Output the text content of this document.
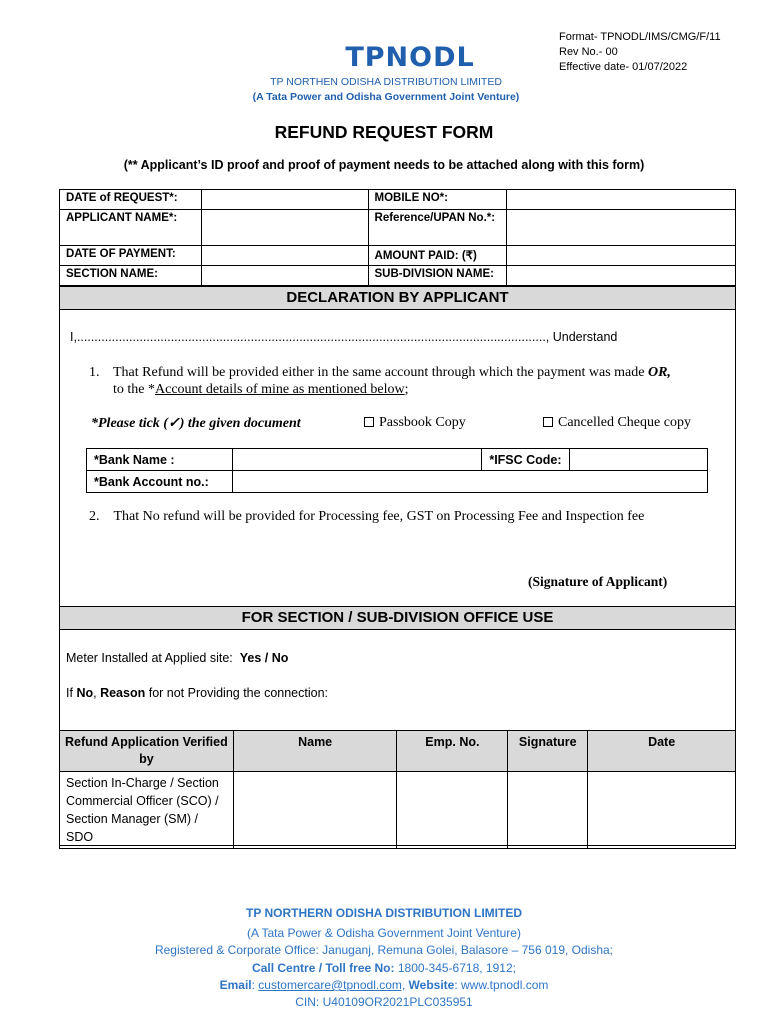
Format- TPNODL/IMS/CMG/F/11
Rev No.- 00
Effective date- 01/07/2022
TPNODL
TP NORTHEN ODISHA DISTRIBUTION LIMITED
(A Tata Power and Odisha Government Joint Venture)
REFUND REQUEST FORM
(** Applicant’s ID proof and proof of payment needs to be attached along with this form)
DATE of REQUEST*:		MOBILE NO*:	
APPLICANT NAME*:		Reference/UPAN No.*:	
DATE OF PAYMENT:		AMOUNT PAID: (₹)	
SECTION NAME:		SUB-DIVISION NAME:	
DECLARATION BY APPLICANT
I,......................................................................................................................................., Understand
1. That Refund will be provided either in the same account through which the payment was made OR,
to the *Account details of mine as mentioned below;
*Please tick (✓) the given document	Passbook Copy	Cancelled Cheque copy
*Bank Name :		*IFSC Code:	
*Bank Account no.:			
2. That No refund will be provided for Processing fee, GST on Processing Fee and Inspection fee
(Signature of Applicant)
FOR SECTION / SUB-DIVISION OFFICE USE
Meter Installed at Applied site: Yes / No
If No, Reason for not Providing the connection:
Refund Application Verified by	Name	Emp. No.	Signature	Date
Section In-Charge / Section Commercial Officer (SCO) / Section Manager (SM) / SDO				
TP NORTHERN ODISHA DISTRIBUTION LIMITED
(A Tata Power & Odisha Government Joint Venture)
Registered & Corporate Office: Januganj, Remuna Golei, Balasore – 756 019, Odisha;
Call Centre / Toll free No: 1800-345-6718, 1912;
Email: customercare@tpnodl.com, Website: www.tpnodl.com
CIN: U40109OR2021PLC035951
